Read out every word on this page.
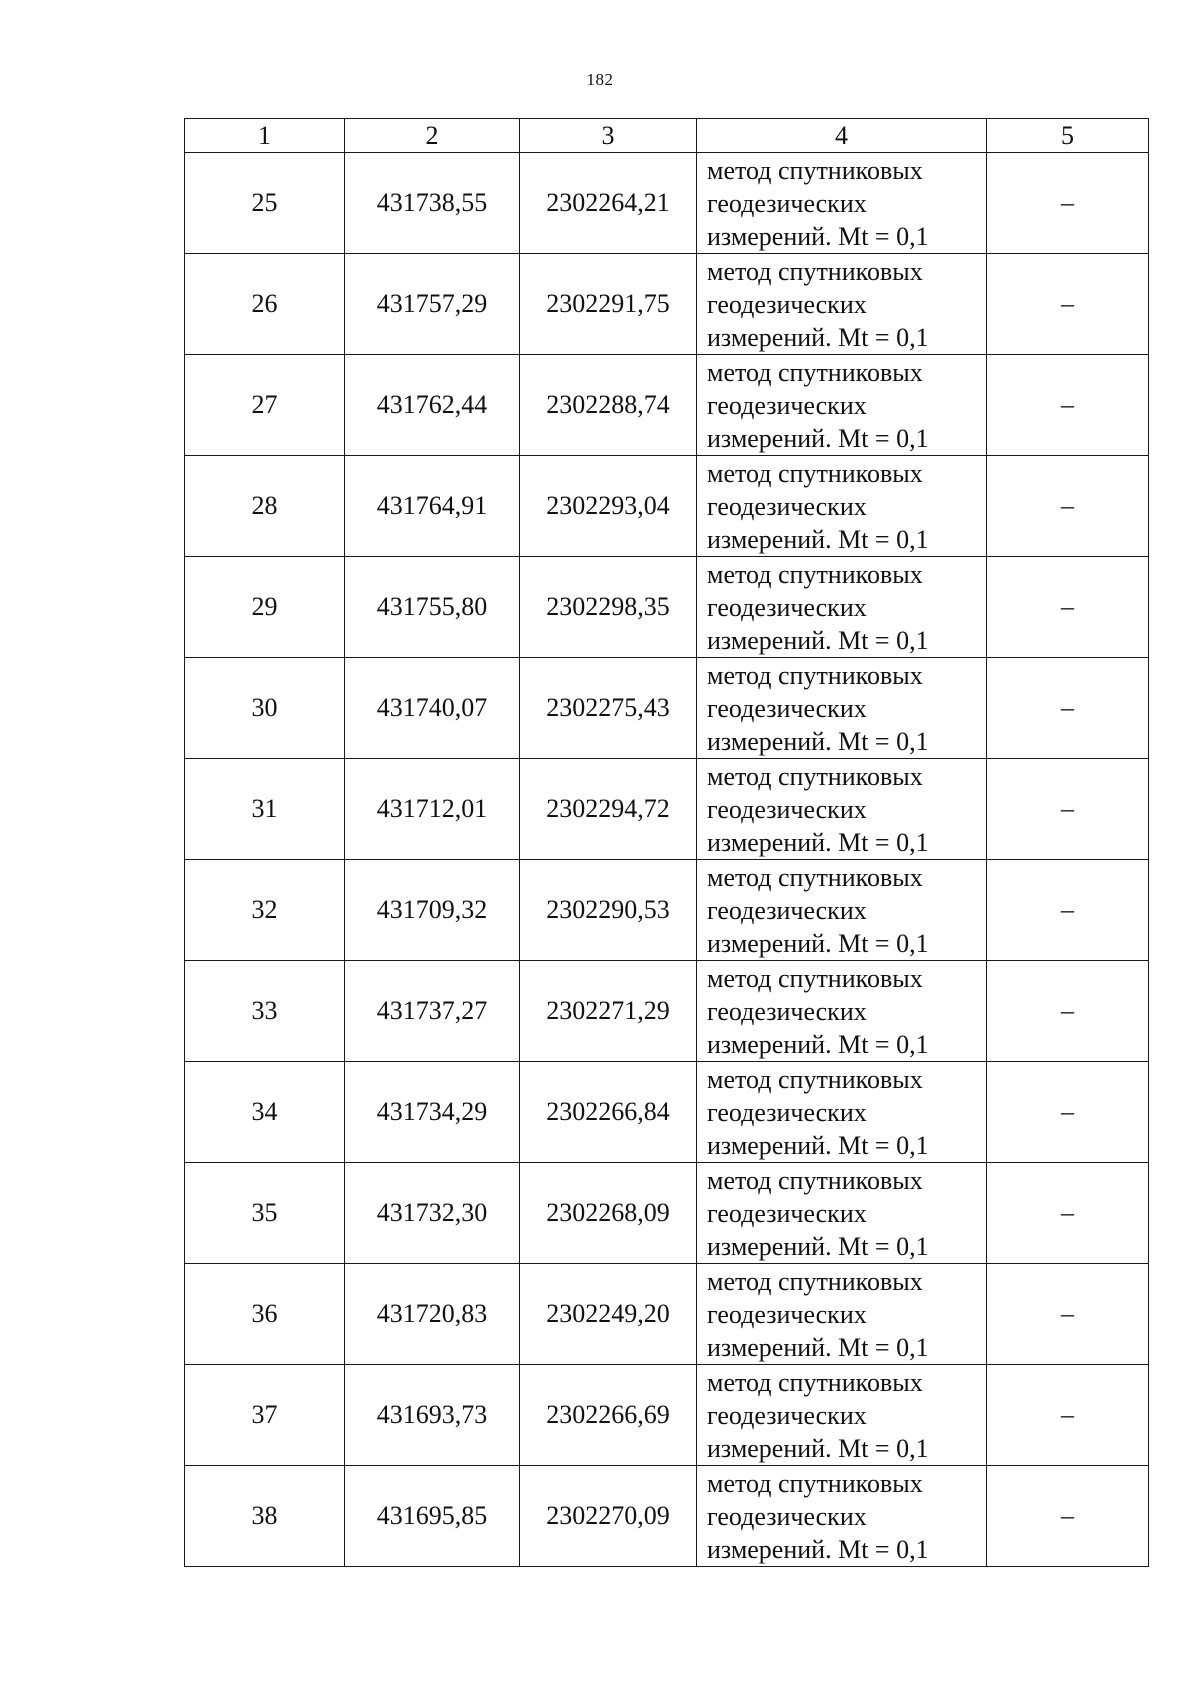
182
1	2	3	4	5
25	431738,55	2302264,21	метод спутниковых
геодезических
измерений. Mt = 0,1	–
26	431757,29	2302291,75	метод спутниковых
геодезических
измерений. Mt = 0,1	–
27	431762,44	2302288,74	метод спутниковых
геодезических
измерений. Mt = 0,1	–
28	431764,91	2302293,04	метод спутниковых
геодезических
измерений. Mt = 0,1	–
29	431755,80	2302298,35	метод спутниковых
геодезических
измерений. Mt = 0,1	–
30	431740,07	2302275,43	метод спутниковых
геодезических
измерений. Mt = 0,1	–
31	431712,01	2302294,72	метод спутниковых
геодезических
измерений. Mt = 0,1	–
32	431709,32	2302290,53	метод спутниковых
геодезических
измерений. Mt = 0,1	–
33	431737,27	2302271,29	метод спутниковых
геодезических
измерений. Mt = 0,1	–
34	431734,29	2302266,84	метод спутниковых
геодезических
измерений. Mt = 0,1	–
35	431732,30	2302268,09	метод спутниковых
геодезических
измерений. Mt = 0,1	–
36	431720,83	2302249,20	метод спутниковых
геодезических
измерений. Mt = 0,1	–
37	431693,73	2302266,69	метод спутниковых
геодезических
измерений. Mt = 0,1	–
38	431695,85	2302270,09	метод спутниковых
геодезических
измерений. Mt = 0,1	–
